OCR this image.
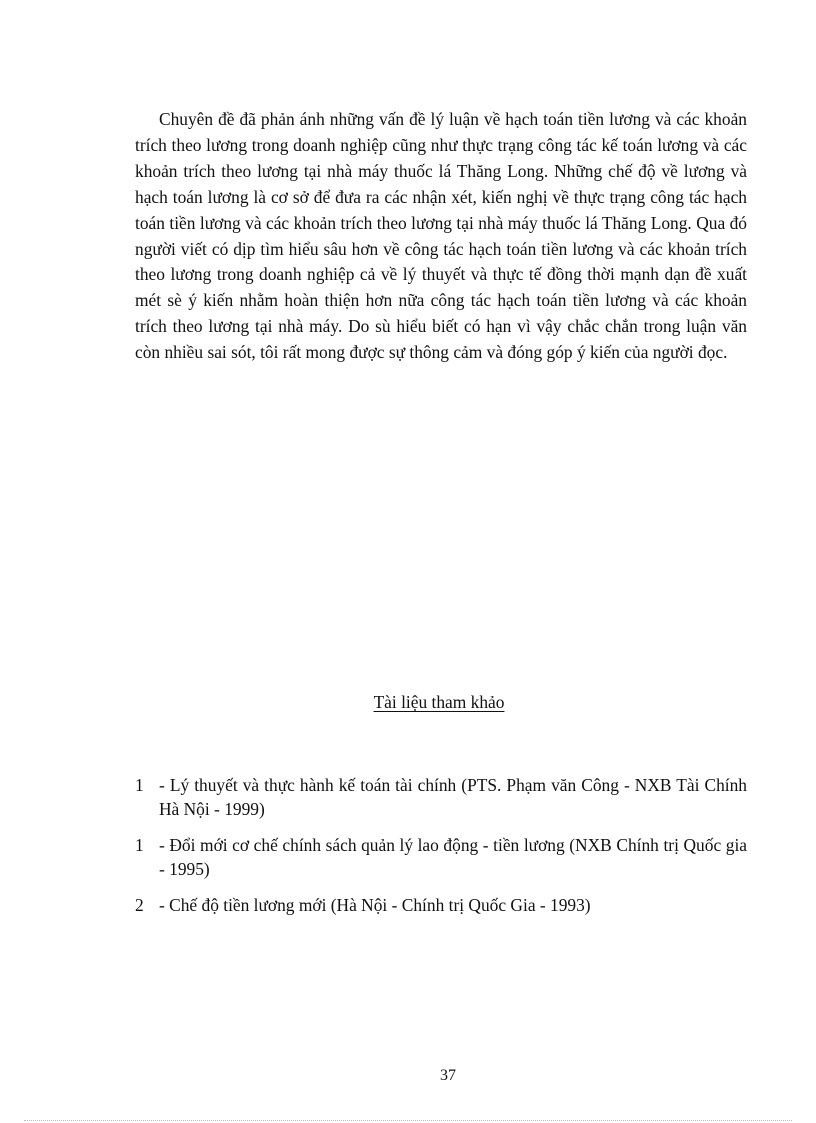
Chuyên đề đã phản ánh những vấn đề lý luận về hạch toán tiền lương và các khoản trích theo lương trong doanh nghiệp cũng như thực trạng công tác kế toán lương và các khoản trích theo lương tại nhà máy thuốc lá Thăng Long. Những chế độ về lương và hạch toán lương là cơ sở để đưa ra các nhận xét, kiến nghị về thực trạng công tác hạch toán tiền lương và các khoản trích theo lương tại nhà máy thuốc lá Thăng Long. Qua đó người viết có dịp tìm hiểu sâu hơn về công tác hạch toán tiền lương và các khoản trích theo lương trong doanh nghiệp cả về lý thuyết và thực tế đồng thời mạnh dạn đề xuất mét sè ý kiến nhằm hoàn thiện hơn nữa công tác hạch toán tiền lương và các khoản trích theo lương tại nhà máy. Do sù hiểu biết có hạn vì vậy chắc chắn trong luận văn còn nhiều sai sót, tôi rất mong được sự thông cảm và đóng góp ý kiến của người đọc.

Tài liệu tham khảo

1 - Lý thuyết và thực hành kế toán tài chính (PTS. Phạm văn Công - NXB Tài Chính Hà Nội - 1999)
1 - Đổi mới cơ chế chính sách quản lý lao động - tiền lương (NXB Chính trị Quốc gia - 1995)
2 - Chế độ tiền lương mới (Hà Nội - Chính trị Quốc Gia - 1993)

37
